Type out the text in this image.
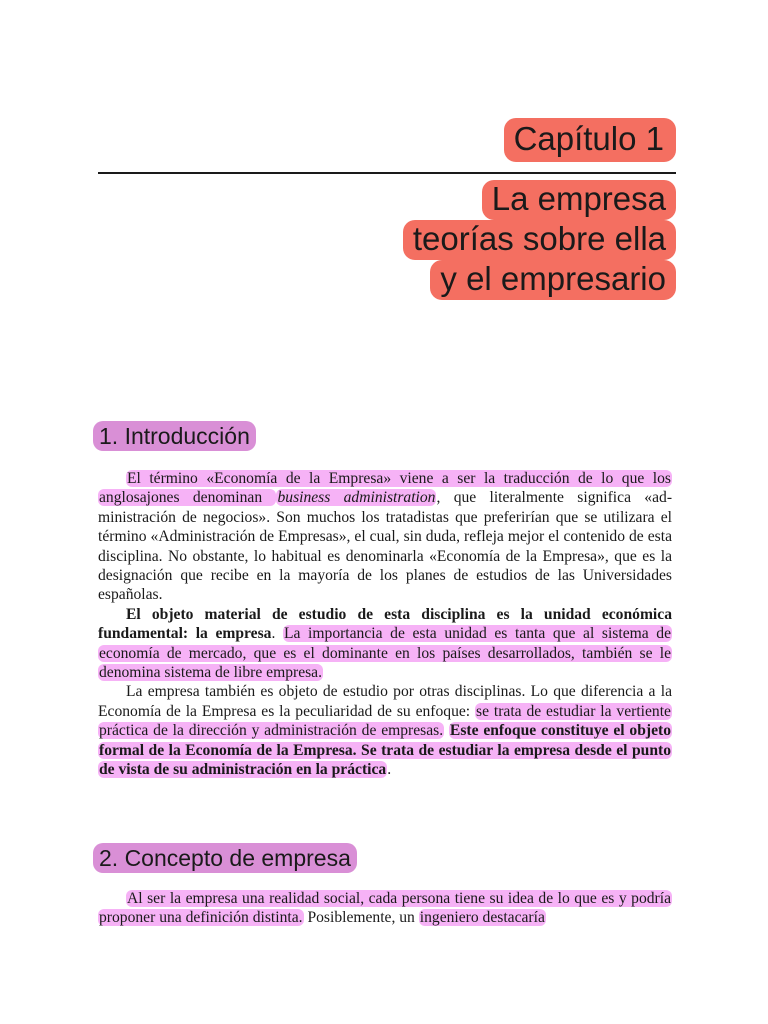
Capítulo 1
La empresa
teorías sobre ella
y el empresario
1. Introducción

El término «Economía de la Empresa» viene a ser la traducción de lo que los anglosajones denominan business administration, que literalmente significa «administración de negocios». Son muchos los tratadistas que preferirían que se utilizara el término «Administración de Empresas», el cual, sin duda, refleja mejor el contenido de esta disciplina. No obstante, lo habitual es denominarla «Economía de la Empresa», que es la designación que recibe en la mayoría de los planes de estudios de las Universidades españolas.

El objeto material de estudio de esta disciplina es la unidad económica fundamental: la empresa. La importancia de esta unidad es tanta que al sistema de economía de mercado, que es el dominante en los países desarrollados, también se le denomina sistema de libre empresa.

La empresa también es objeto de estudio por otras disciplinas. Lo que diferencia a la Economía de la Empresa es la peculiaridad de su enfoque: se trata de estudiar la vertiente práctica de la dirección y administración de empresas. Este enfoque constituye el objeto formal de la Economía de la Empresa. Se trata de estudiar la empresa desde el punto de vista de su administración en la práctica.

2. Concepto de empresa

Al ser la empresa una realidad social, cada persona tiene su idea de lo que es y podría proponer una definición distinta. Posiblemente, un ingeniero destacaría
